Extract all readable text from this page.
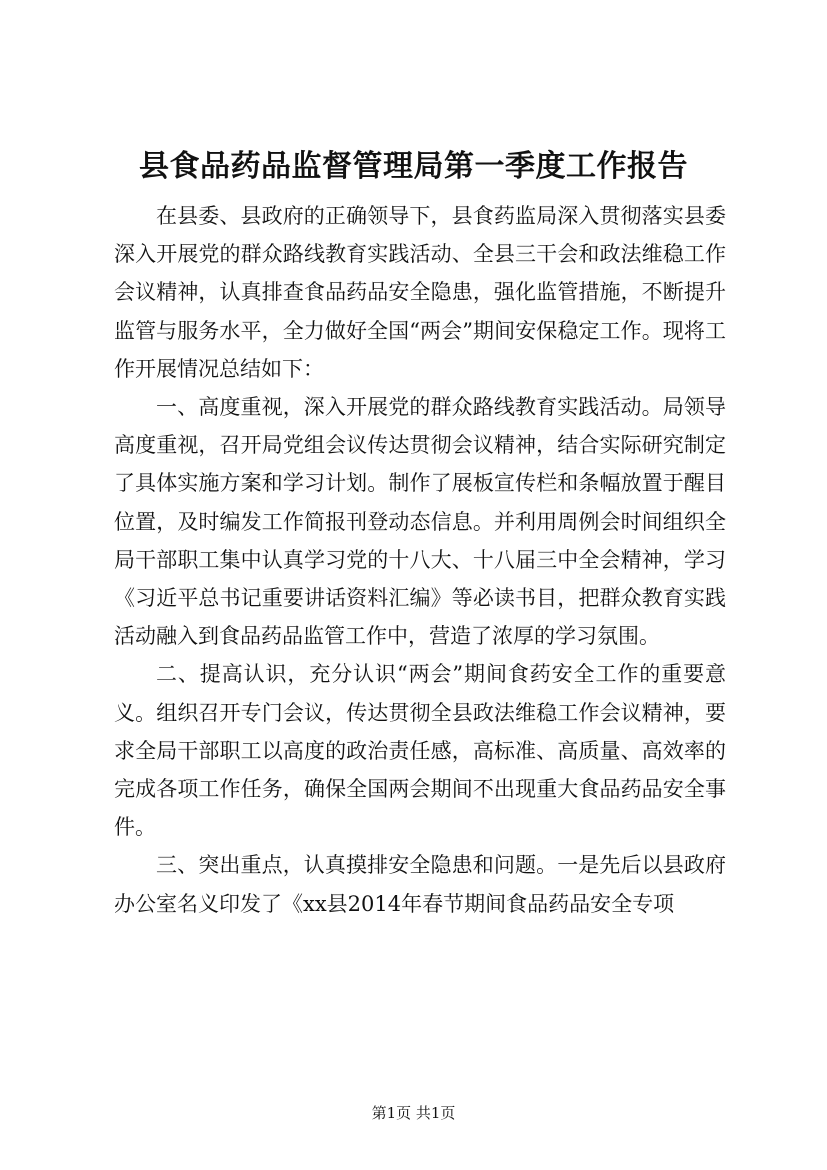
县食品药品监督管理局第一季度工作报告

在县委、县政府的正确领导下，县食药监局深入贯彻落实县委深入开展党的群众路线教育实践活动、全县三干会和政法维稳工作会议精神，认真排查食品药品安全隐患，强化监管措施，不断提升监管与服务水平，全力做好全国“两会”期间安保稳定工作。现将工作开展情况总结如下：

一、高度重视，深入开展党的群众路线教育实践活动。局领导高度重视，召开局党组会议传达贯彻会议精神，结合实际研究制定了具体实施方案和学习计划。制作了展板宣传栏和条幅放置于醒目位置，及时编发工作简报刊登动态信息。并利用周例会时间组织全局干部职工集中认真学习党的十八大、十八届三中全会精神，学习《习近平总书记重要讲话资料汇编》等必读书目，把群众教育实践活动融入到食品药品监管工作中，营造了浓厚的学习氛围。

二、提高认识，充分认识“两会”期间食药安全工作的重要意义。组织召开专门会议，传达贯彻全县政法维稳工作会议精神，要求全局干部职工以高度的政治责任感，高标准、高质量、高效率的完成各项工作任务，确保全国两会期间不出现重大食品药品安全事件。

三、突出重点，认真摸排安全隐患和问题。一是先后以县政府办公室名义印发了《xx县2014年春节期间食品药品安全专项

第1页 共1页
